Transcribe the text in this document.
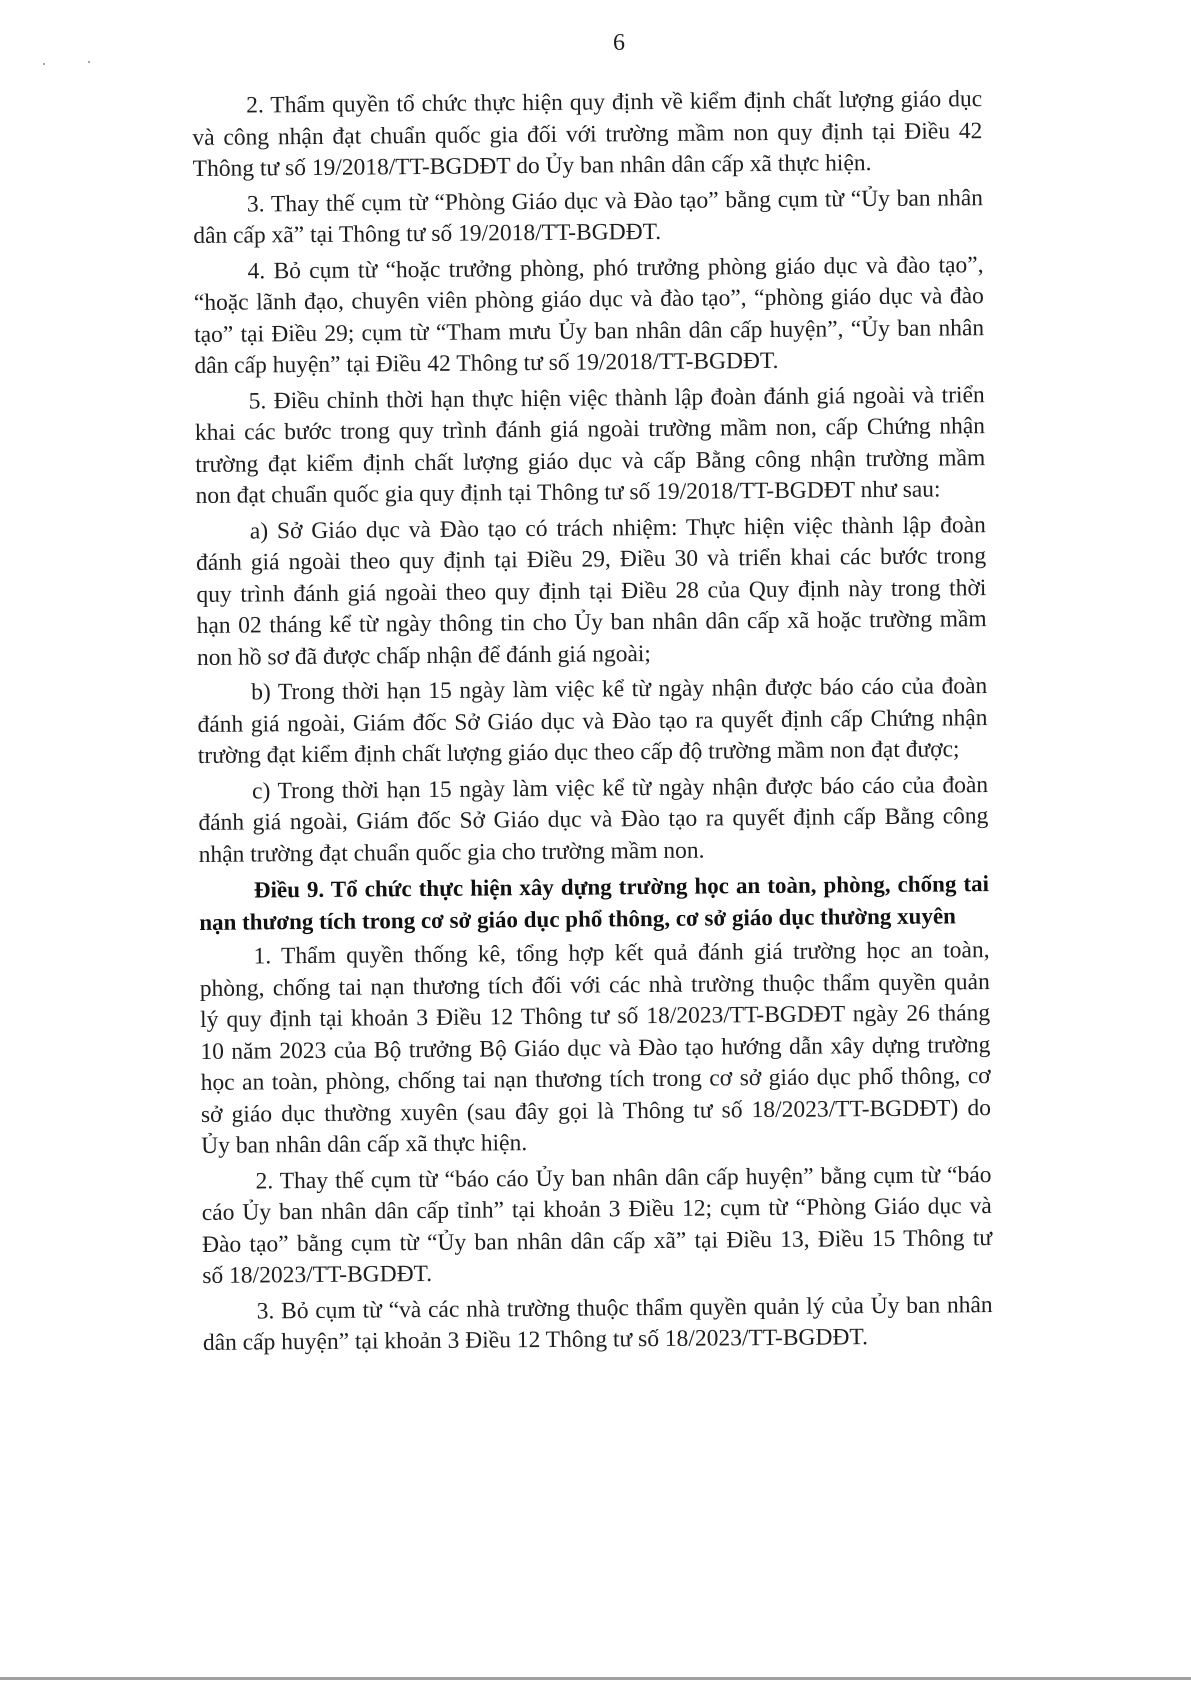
6
2. Thẩm quyền tổ chức thực hiện quy định về kiểm định chất lượng giáo dục
và công nhận đạt chuẩn quốc gia đối với trường mầm non quy định tại Điều 42
Thông tư số 19/2018/TT-BGDĐT do Ủy ban nhân dân cấp xã thực hiện.
3. Thay thế cụm từ “Phòng Giáo dục và Đào tạo” bằng cụm từ “Ủy ban nhân
dân cấp xã” tại Thông tư số 19/2018/TT-BGDĐT.
4. Bỏ cụm từ “hoặc trưởng phòng, phó trưởng phòng giáo dục và đào tạo”,
“hoặc lãnh đạo, chuyên viên phòng giáo dục và đào tạo”, “phòng giáo dục và đào
tạo” tại Điều 29; cụm từ “Tham mưu Ủy ban nhân dân cấp huyện”, “Ủy ban nhân
dân cấp huyện” tại Điều 42 Thông tư số 19/2018/TT-BGDĐT.
5. Điều chỉnh thời hạn thực hiện việc thành lập đoàn đánh giá ngoài và triển
khai các bước trong quy trình đánh giá ngoài trường mầm non, cấp Chứng nhận
trường đạt kiểm định chất lượng giáo dục và cấp Bằng công nhận trường mầm
non đạt chuẩn quốc gia quy định tại Thông tư số 19/2018/TT-BGDĐT như sau:
a) Sở Giáo dục và Đào tạo có trách nhiệm: Thực hiện việc thành lập đoàn
đánh giá ngoài theo quy định tại Điều 29, Điều 30 và triển khai các bước trong
quy trình đánh giá ngoài theo quy định tại Điều 28 của Quy định này trong thời
hạn 02 tháng kể từ ngày thông tin cho Ủy ban nhân dân cấp xã hoặc trường mầm
non hồ sơ đã được chấp nhận để đánh giá ngoài;
b) Trong thời hạn 15 ngày làm việc kể từ ngày nhận được báo cáo của đoàn
đánh giá ngoài, Giám đốc Sở Giáo dục và Đào tạo ra quyết định cấp Chứng nhận
trường đạt kiểm định chất lượng giáo dục theo cấp độ trường mầm non đạt được;
c) Trong thời hạn 15 ngày làm việc kể từ ngày nhận được báo cáo của đoàn
đánh giá ngoài, Giám đốc Sở Giáo dục và Đào tạo ra quyết định cấp Bằng công
nhận trường đạt chuẩn quốc gia cho trường mầm non.
Điều 9. Tổ chức thực hiện xây dựng trường học an toàn, phòng, chống tai
nạn thương tích trong cơ sở giáo dục phổ thông, cơ sở giáo dục thường xuyên
1. Thẩm quyền thống kê, tổng hợp kết quả đánh giá trường học an toàn,
phòng, chống tai nạn thương tích đối với các nhà trường thuộc thẩm quyền quản
lý quy định tại khoản 3 Điều 12 Thông tư số 18/2023/TT-BGDĐT ngày 26 tháng
10 năm 2023 của Bộ trưởng Bộ Giáo dục và Đào tạo hướng dẫn xây dựng trường
học an toàn, phòng, chống tai nạn thương tích trong cơ sở giáo dục phổ thông, cơ
sở giáo dục thường xuyên (sau đây gọi là Thông tư số 18/2023/TT-BGDĐT) do
Ủy ban nhân dân cấp xã thực hiện.
2. Thay thế cụm từ “báo cáo Ủy ban nhân dân cấp huyện” bằng cụm từ “báo
cáo Ủy ban nhân dân cấp tỉnh” tại khoản 3 Điều 12; cụm từ “Phòng Giáo dục và
Đào tạo” bằng cụm từ “Ủy ban nhân dân cấp xã” tại Điều 13, Điều 15 Thông tư
số 18/2023/TT-BGDĐT.
3. Bỏ cụm từ “và các nhà trường thuộc thẩm quyền quản lý của Ủy ban nhân
dân cấp huyện” tại khoản 3 Điều 12 Thông tư số 18/2023/TT-BGDĐT.
